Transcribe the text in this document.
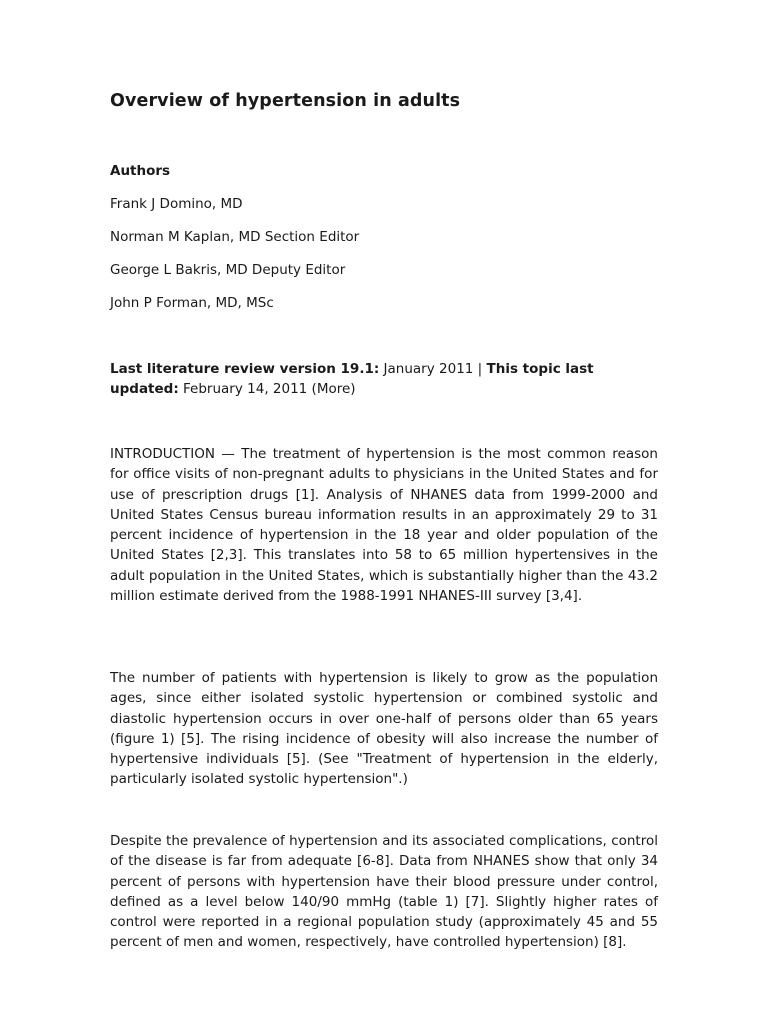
Overview of hypertension in adults
Authors
Frank J Domino, MD
Norman M Kaplan, MD Section Editor
George L Bakris, MD Deputy Editor
John P Forman, MD, MSc

Last literature review version 19.1: January 2011 | This topic last updated: February 14, 2011 (More)

INTRODUCTION — The treatment of hypertension is the most common reason for office visits of non-pregnant adults to physicians in the United States and for use of prescription drugs [1]. Analysis of NHANES data from 1999-2000 and United States Census bureau information results in an approximately 29 to 31 percent incidence of hypertension in the 18 year and older population of the United States [2,3]. This translates into 58 to 65 million hypertensives in the adult population in the United States, which is substantially higher than the 43.2 million estimate derived from the 1988-1991 NHANES-III survey [3,4].

The number of patients with hypertension is likely to grow as the population ages, since either isolated systolic hypertension or combined systolic and diastolic hypertension occurs in over one-half of persons older than 65 years (figure 1) [5]. The rising incidence of obesity will also increase the number of hypertensive individuals [5]. (See "Treatment of hypertension in the elderly, particularly isolated systolic hypertension".)

Despite the prevalence of hypertension and its associated complications, control of the disease is far from adequate [6-8]. Data from NHANES show that only 34 percent of persons with hypertension have their blood pressure under control, defined as a level below 140/90 mmHg (table 1) [7]. Slightly higher rates of control were reported in a regional population study (approximately 45 and 55 percent of men and women, respectively, have controlled hypertension) [8].
